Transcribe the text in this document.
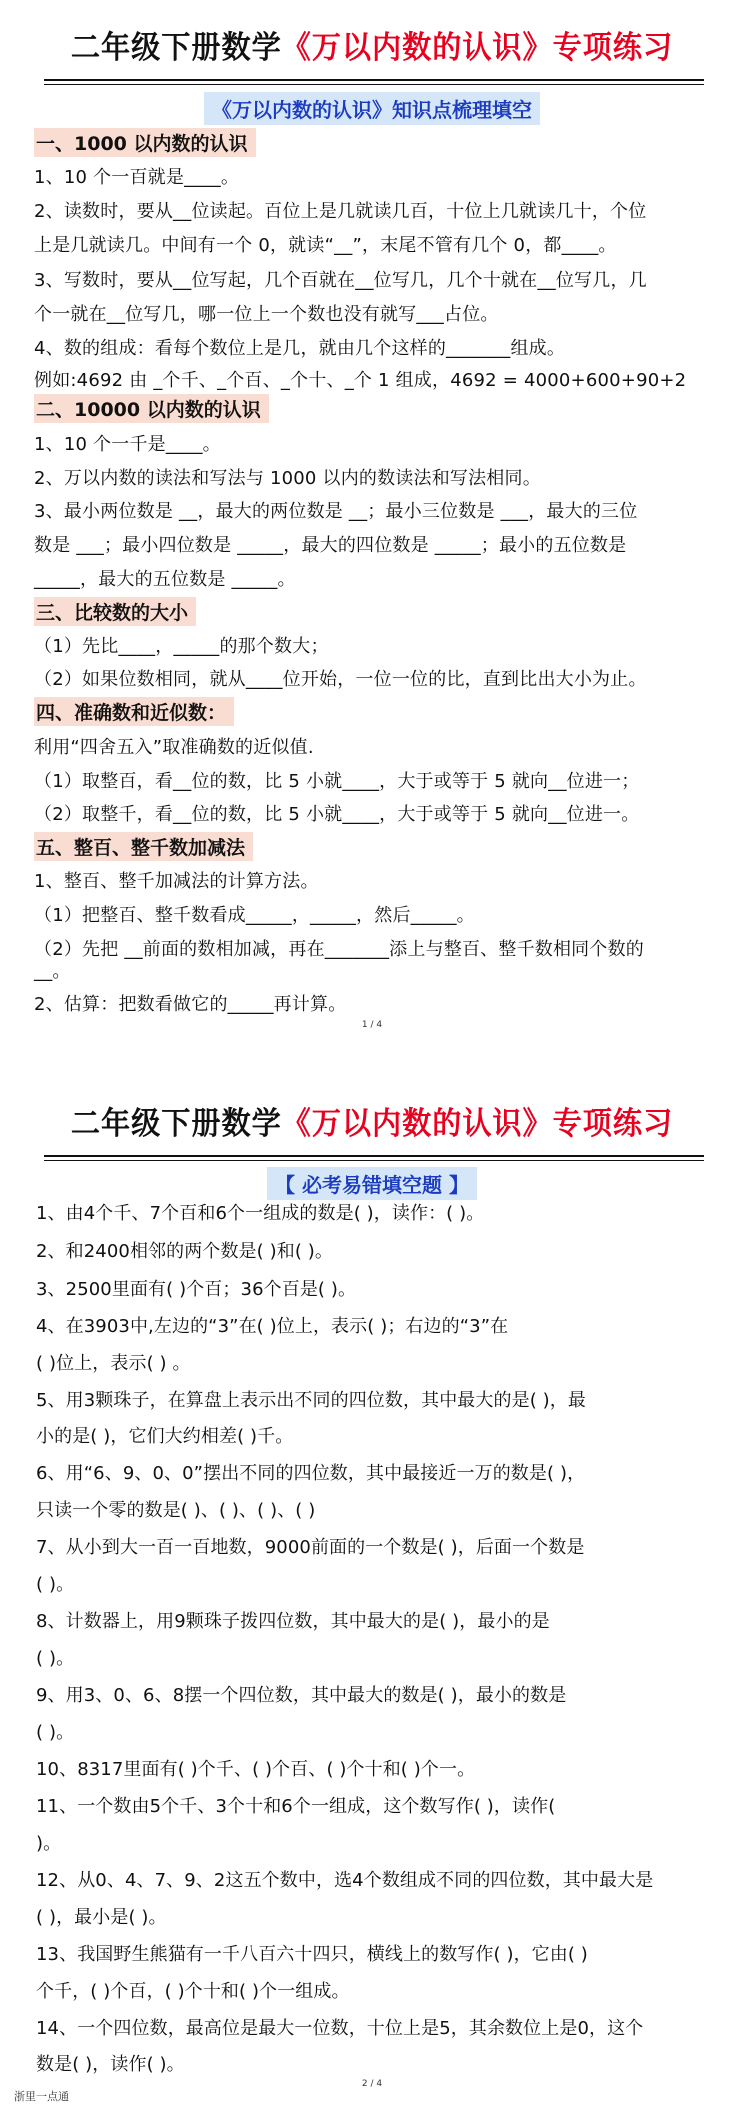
二年级下册数学《万以内数的认识》专项练习
《万以内数的认识》知识点梳理填空
一、1000 以内数的认识
1、10 个一百就是____。
2、读数时，要从__位读起。百位上是几就读几百，十位上几就读几十，个位
上是几就读几。中间有一个 0，就读“__”，末尾不管有几个 0，都____。
3、写数时，要从__位写起，几个百就在__位写几，几个十就在__位写几，几
个一就在__位写几，哪一位上一个数也没有就写___占位。
4、数的组成：看每个数位上是几，就由几个这样的_______组成。
例如:4692 由 _个千、_个百、_个十、_个 1 组成，4692 = 4000+600+90+2
二、10000 以内数的认识
1、10 个一千是____。
2、万以内数的读法和写法与 1000 以内的数读法和写法相同。
3、最小两位数是 __，最大的两位数是 __；最小三位数是 ___，最大的三位
数是 ___；最小四位数是 _____，最大的四位数是 _____；最小的五位数是
_____，最大的五位数是 _____。
三、比较数的大小
（1）先比____，_____的那个数大；
（2）如果位数相同，就从____位开始，一位一位的比，直到比出大小为止。
四、准确数和近似数：
利用“四舍五入”取准确数的近似值.
（1）取整百，看__位的数，比 5 小就____，大于或等于 5 就向__位进一；
（2）取整千，看__位的数，比 5 小就____，大于或等于 5 就向__位进一。
五、整百、整千数加减法
1、整百、整千加减法的计算方法。
（1）把整百、整千数看成_____，_____，然后_____。
（2）先把 __前面的数相加减，再在_______添上与整百、整千数相同个数的
__。
2、估算：把数看做它的_____再计算。
1 / 4
二年级下册数学《万以内数的认识》专项练习
【 必考易错填空题 】
1、由4个千、7个百和6个一组成的数是( )，读作：( )。
2、和2400相邻的两个数是( )和( )。
3、2500里面有( )个百；36个百是( )。
4、在3903中,左边的“3”在( )位上，表示( )；右边的“3”在
( )位上，表示( ) 。
5、用3颗珠子，在算盘上表示出不同的四位数，其中最大的是( )，最
小的是( )，它们大约相差( )千。
6、用“6、9、0、0”摆出不同的四位数，其中最接近一万的数是( )，
只读一个零的数是( )、( )、( )、( )
7、从小到大一百一百地数，9000前面的一个数是( )，后面一个数是
( )。
8、计数器上，用9颗珠子拨四位数，其中最大的是( )，最小的是
( )。
9、用3、0、6、8摆一个四位数，其中最大的数是( )，最小的数是
( )。
10、8317里面有( )个千、( )个百、( )个十和( )个一。
11、一个数由5个千、3个十和6个一组成，这个数写作( )，读作(
)。
12、从0、4、7、9、2这五个数中，选4个数组成不同的四位数，其中最大是
( )，最小是( )。
13、我国野生熊猫有一千八百六十四只，横线上的数写作( )，它由( )
个千，( )个百，( )个十和( )个一组成。
14、一个四位数，最高位是最大一位数，十位上是5，其余数位上是0，这个
数是( )，读作( )。
2 / 4
浙里一点通
